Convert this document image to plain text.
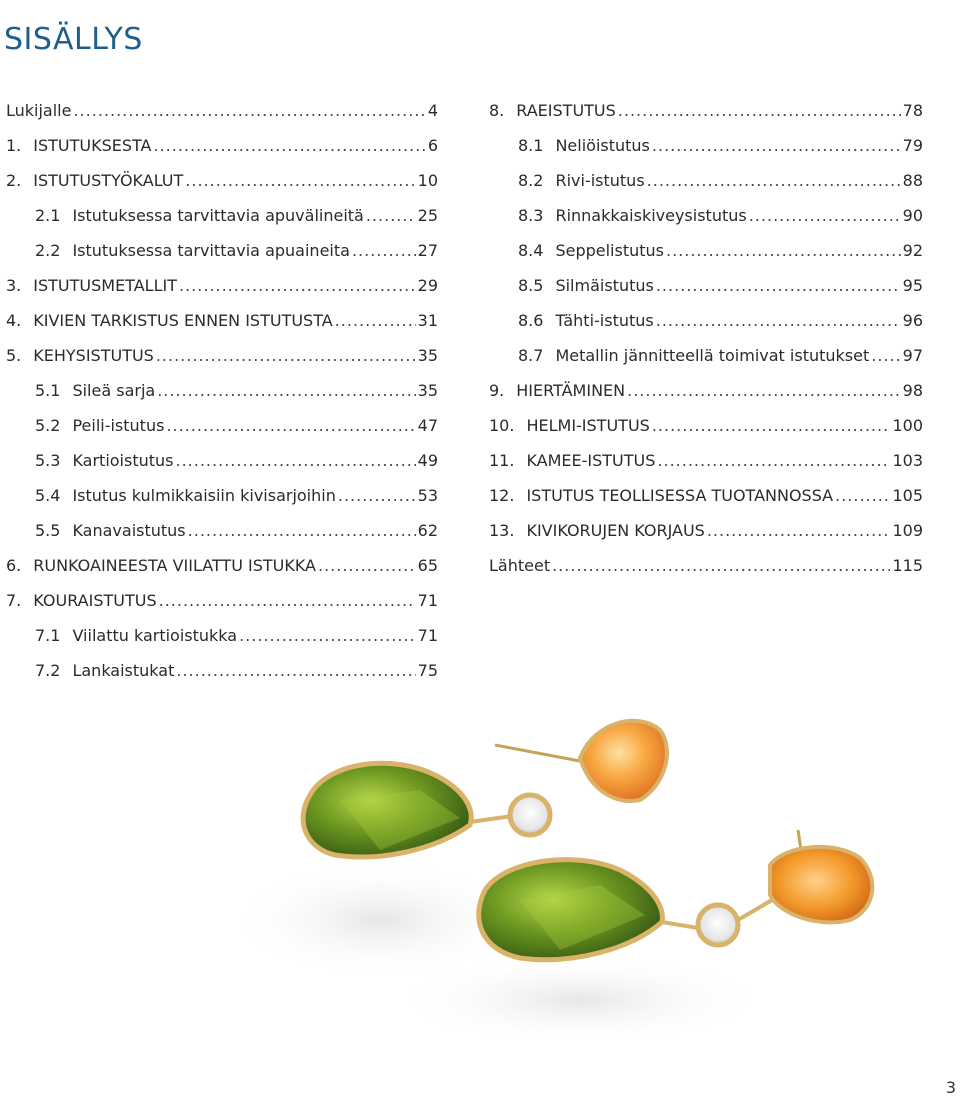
SISÄLLYS
Lukijalle .....	4
1. ISTUTUKSESTA .....	6
2. ISTUTUSTYÖKALUT .....	10
2.1 Istutuksessa tarvittavia apuvälineitä .....	25
2.2 Istutuksessa tarvittavia apuaineita .....	27
3. ISTUTUSMETALLIT .....	29
4. KIVIEN TARKISTUS ENNEN ISTUTUSTA .....	31
5. KEHYSISTUTUS .....	35
5.1 Sileä sarja .....	35
5.2 Peili-istutus .....	47
5.3 Kartioistutus .....	49
5.4 Istutus kulmikkaisiin kivisarjoihin .....	53
5.5 Kanavaistutus .....	62
6. RUNKOAINEESTA VIILATTU ISTUKKA .....	65
7. KOURAISTUTUS .....	71
7.1 Viilattu kartioistukka .....	71
7.2 Lankaistukat .....	75
8. RAEISTUTUS .....	78
8.1 Neliöistutus .....	79
8.2 Rivi-istutus .....	88
8.3 Rinnakkaiskiveysistutus .....	90
8.4 Seppelistutus .....	92
8.5 Silmäistutus .....	95
8.6 Tähti-istutus .....	96
8.7 Metallin jännitteellä toimivat istutukset ..... 97
9. HIERTÄMINEN .....	98
10. HELMI-ISTUTUS .....	100
11. KAMEE-ISTUTUS .....	103
12. ISTUTUS TEOLLISESSA TUOTANNOSSA .....	105
13. KIVIKORUJEN KORJAUS .....	109
Lähteet .....	115
3
